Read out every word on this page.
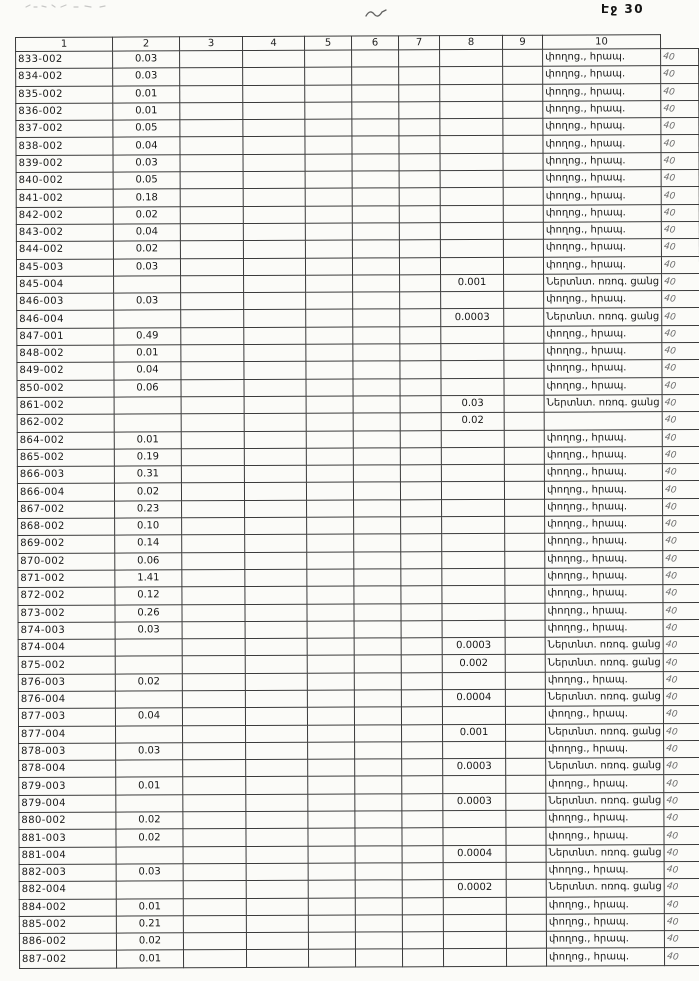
Էջ 30
1	2	3	4	5	6	7	8	9	10	
833-002	0.03								փողոց., հրապ.	40
834-002	0.03								փողոց., հրապ.	40
835-002	0.01								փողոց., հրապ.	40
836-002	0.01								փողոց., հրապ.	40
837-002	0.05								փողոց., հրապ.	40
838-002	0.04								փողոց., հրապ.	40
839-002	0.03								փողոց., հրապ.	40
840-002	0.05								փողոց., հրապ.	40
841-002	0.18								փողոց., հրապ.	40
842-002	0.02								փողոց., հրապ.	40
843-002	0.04								փողոց., հրապ.	40
844-002	0.02								փողոց., հրապ.	40
845-003	0.03								փողոց., հրապ.	40
845-004							0.001		Ներտնտ. ոռոգ. ցանց	40
846-003	0.03								փողոց., հրապ.	40
846-004							0.0003		Ներտնտ. ոռոգ. ցանց	40
847-001	0.49								փողոց., հրապ.	40
848-002	0.01								փողոց., հրապ.	40
849-002	0.04								փողոց., հրապ.	40
850-002	0.06								փողոց., հրապ.	40
861-002							0.03		Ներտնտ. ոռոգ. ցանց	40
862-002							0.02			40
864-002	0.01								փողոց., հրապ.	40
865-002	0.19								փողոց., հրապ.	40
866-003	0.31								փողոց., հրապ.	40
866-004	0.02								փողոց., հրապ.	40
867-002	0.23								փողոց., հրապ.	40
868-002	0.10								փողոց., հրապ.	40
869-002	0.14								փողոց., հրապ.	40
870-002	0.06								փողոց., հրապ.	40
871-002	1.41								փողոց., հրապ.	40
872-002	0.12								փողոց., հրապ.	40
873-002	0.26								փողոց., հրապ.	40
874-003	0.03								փողոց., հրապ.	40
874-004							0.0003		Ներտնտ. ոռոգ. ցանց	40
875-002							0.002		Ներտնտ. ոռոգ. ցանց	40
876-003	0.02								փողոց., հրապ.	40
876-004							0.0004		Ներտնտ. ոռոգ. ցանց	40
877-003	0.04								փողոց., հրապ.	40
877-004							0.001		Ներտնտ. ոռոգ. ցանց	40
878-003	0.03								փողոց., հրապ.	40
878-004							0.0003		Ներտնտ. ոռոգ. ցանց	40
879-003	0.01								փողոց., հրապ.	40
879-004							0.0003		Ներտնտ. ոռոգ. ցանց	40
880-002	0.02								փողոց., հրապ.	40
881-003	0.02								փողոց., հրապ.	40
881-004							0.0004		Ներտնտ. ոռոգ. ցանց	40
882-003	0.03								փողոց., հրապ.	40
882-004							0.0002		Ներտնտ. ոռոգ. ցանց	40
884-002	0.01								փողոց., հրապ.	40
885-002	0.21								փողոց., հրապ.	40
886-002	0.02								փողոց., հրապ.	40
887-002	0.01								փողոց., հրապ.	40
